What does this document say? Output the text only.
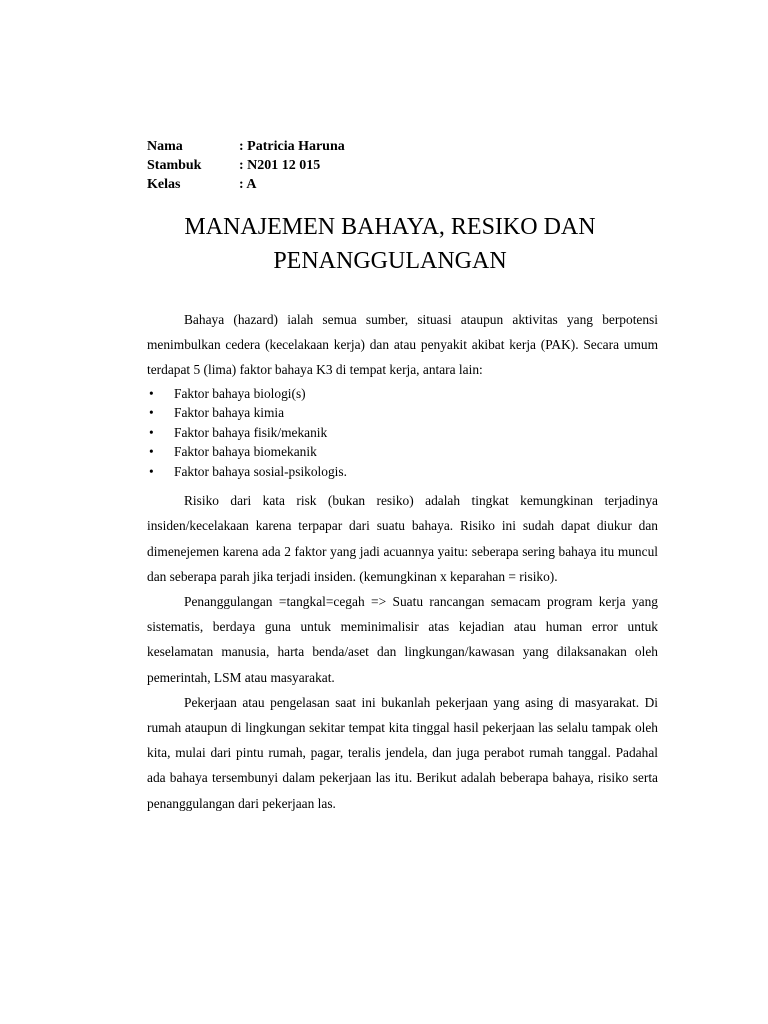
Nama	: Patricia Haruna
Stambuk	: N201 12 015
Kelas	: A
MANAJEMEN BAHAYA, RESIKO DAN
PENANGGULANGAN

Bahaya (hazard) ialah semua sumber, situasi ataupun aktivitas yang berpotensi menimbulkan cedera (kecelakaan kerja) dan atau penyakit akibat kerja (PAK). Secara umum terdapat 5 (lima) faktor bahaya K3 di tempat kerja, antara lain:

•	Faktor bahaya biologi(s)
•	Faktor bahaya kimia
•	Faktor bahaya fisik/mekanik
•	Faktor bahaya biomekanik
•	Faktor bahaya sosial-psikologis.

Risiko dari kata risk (bukan resiko) adalah tingkat kemungkinan terjadinya insiden/kecelakaan karena terpapar dari suatu bahaya. Risiko ini sudah dapat diukur dan dimenejemen karena ada 2 faktor yang jadi acuannya yaitu: seberapa sering bahaya itu muncul dan seberapa parah jika terjadi insiden. (kemungkinan x keparahan = risiko).

Penanggulangan =tangkal=cegah => Suatu rancangan semacam program kerja yang sistematis, berdaya guna untuk meminimalisir atas kejadian atau human error untuk keselamatan manusia, harta benda/aset dan lingkungan/kawasan yang dilaksanakan oleh pemerintah, LSM atau masyarakat.

Pekerjaan atau pengelasan saat ini bukanlah pekerjaan yang asing di masyarakat. Di rumah ataupun di lingkungan sekitar tempat kita tinggal hasil pekerjaan las selalu tampak oleh kita, mulai dari pintu rumah, pagar, teralis jendela, dan juga perabot rumah tanggal. Padahal ada bahaya tersembunyi dalam pekerjaan las itu. Berikut adalah beberapa bahaya, risiko serta penanggulangan dari pekerjaan las.
